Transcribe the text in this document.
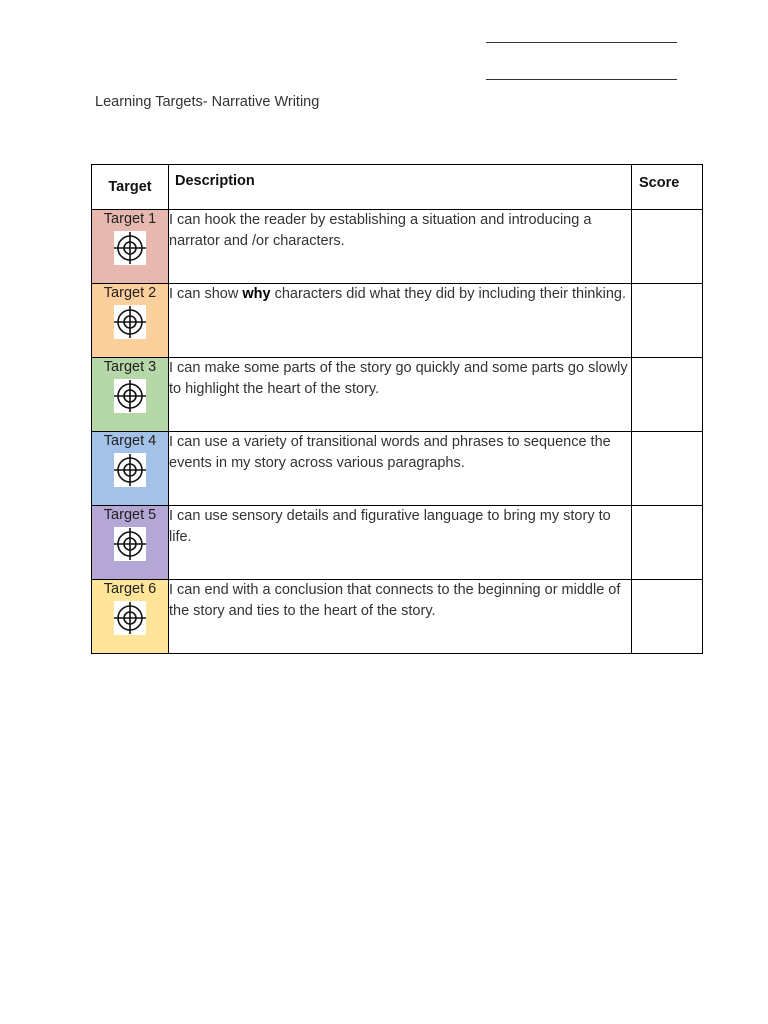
Learning Targets- Narrative Writing
Target	Description	Score

Target 1	I can hook the reader by establishing a situation and introducing a narrator and /or characters.	

Target 2	I can show why characters did what they did by including their thinking.	

Target 3	I can make some parts of the story go quickly and some parts go slowly to highlight the heart of the story.	

Target 4	I can use a variety of transitional words and phrases to sequence the events in my story across various paragraphs.	

Target 5	I can use sensory details and figurative language to bring my story to life.	

Target 6	I can end with a conclusion that connects to the beginning or middle of the story and ties to the heart of the story.	
